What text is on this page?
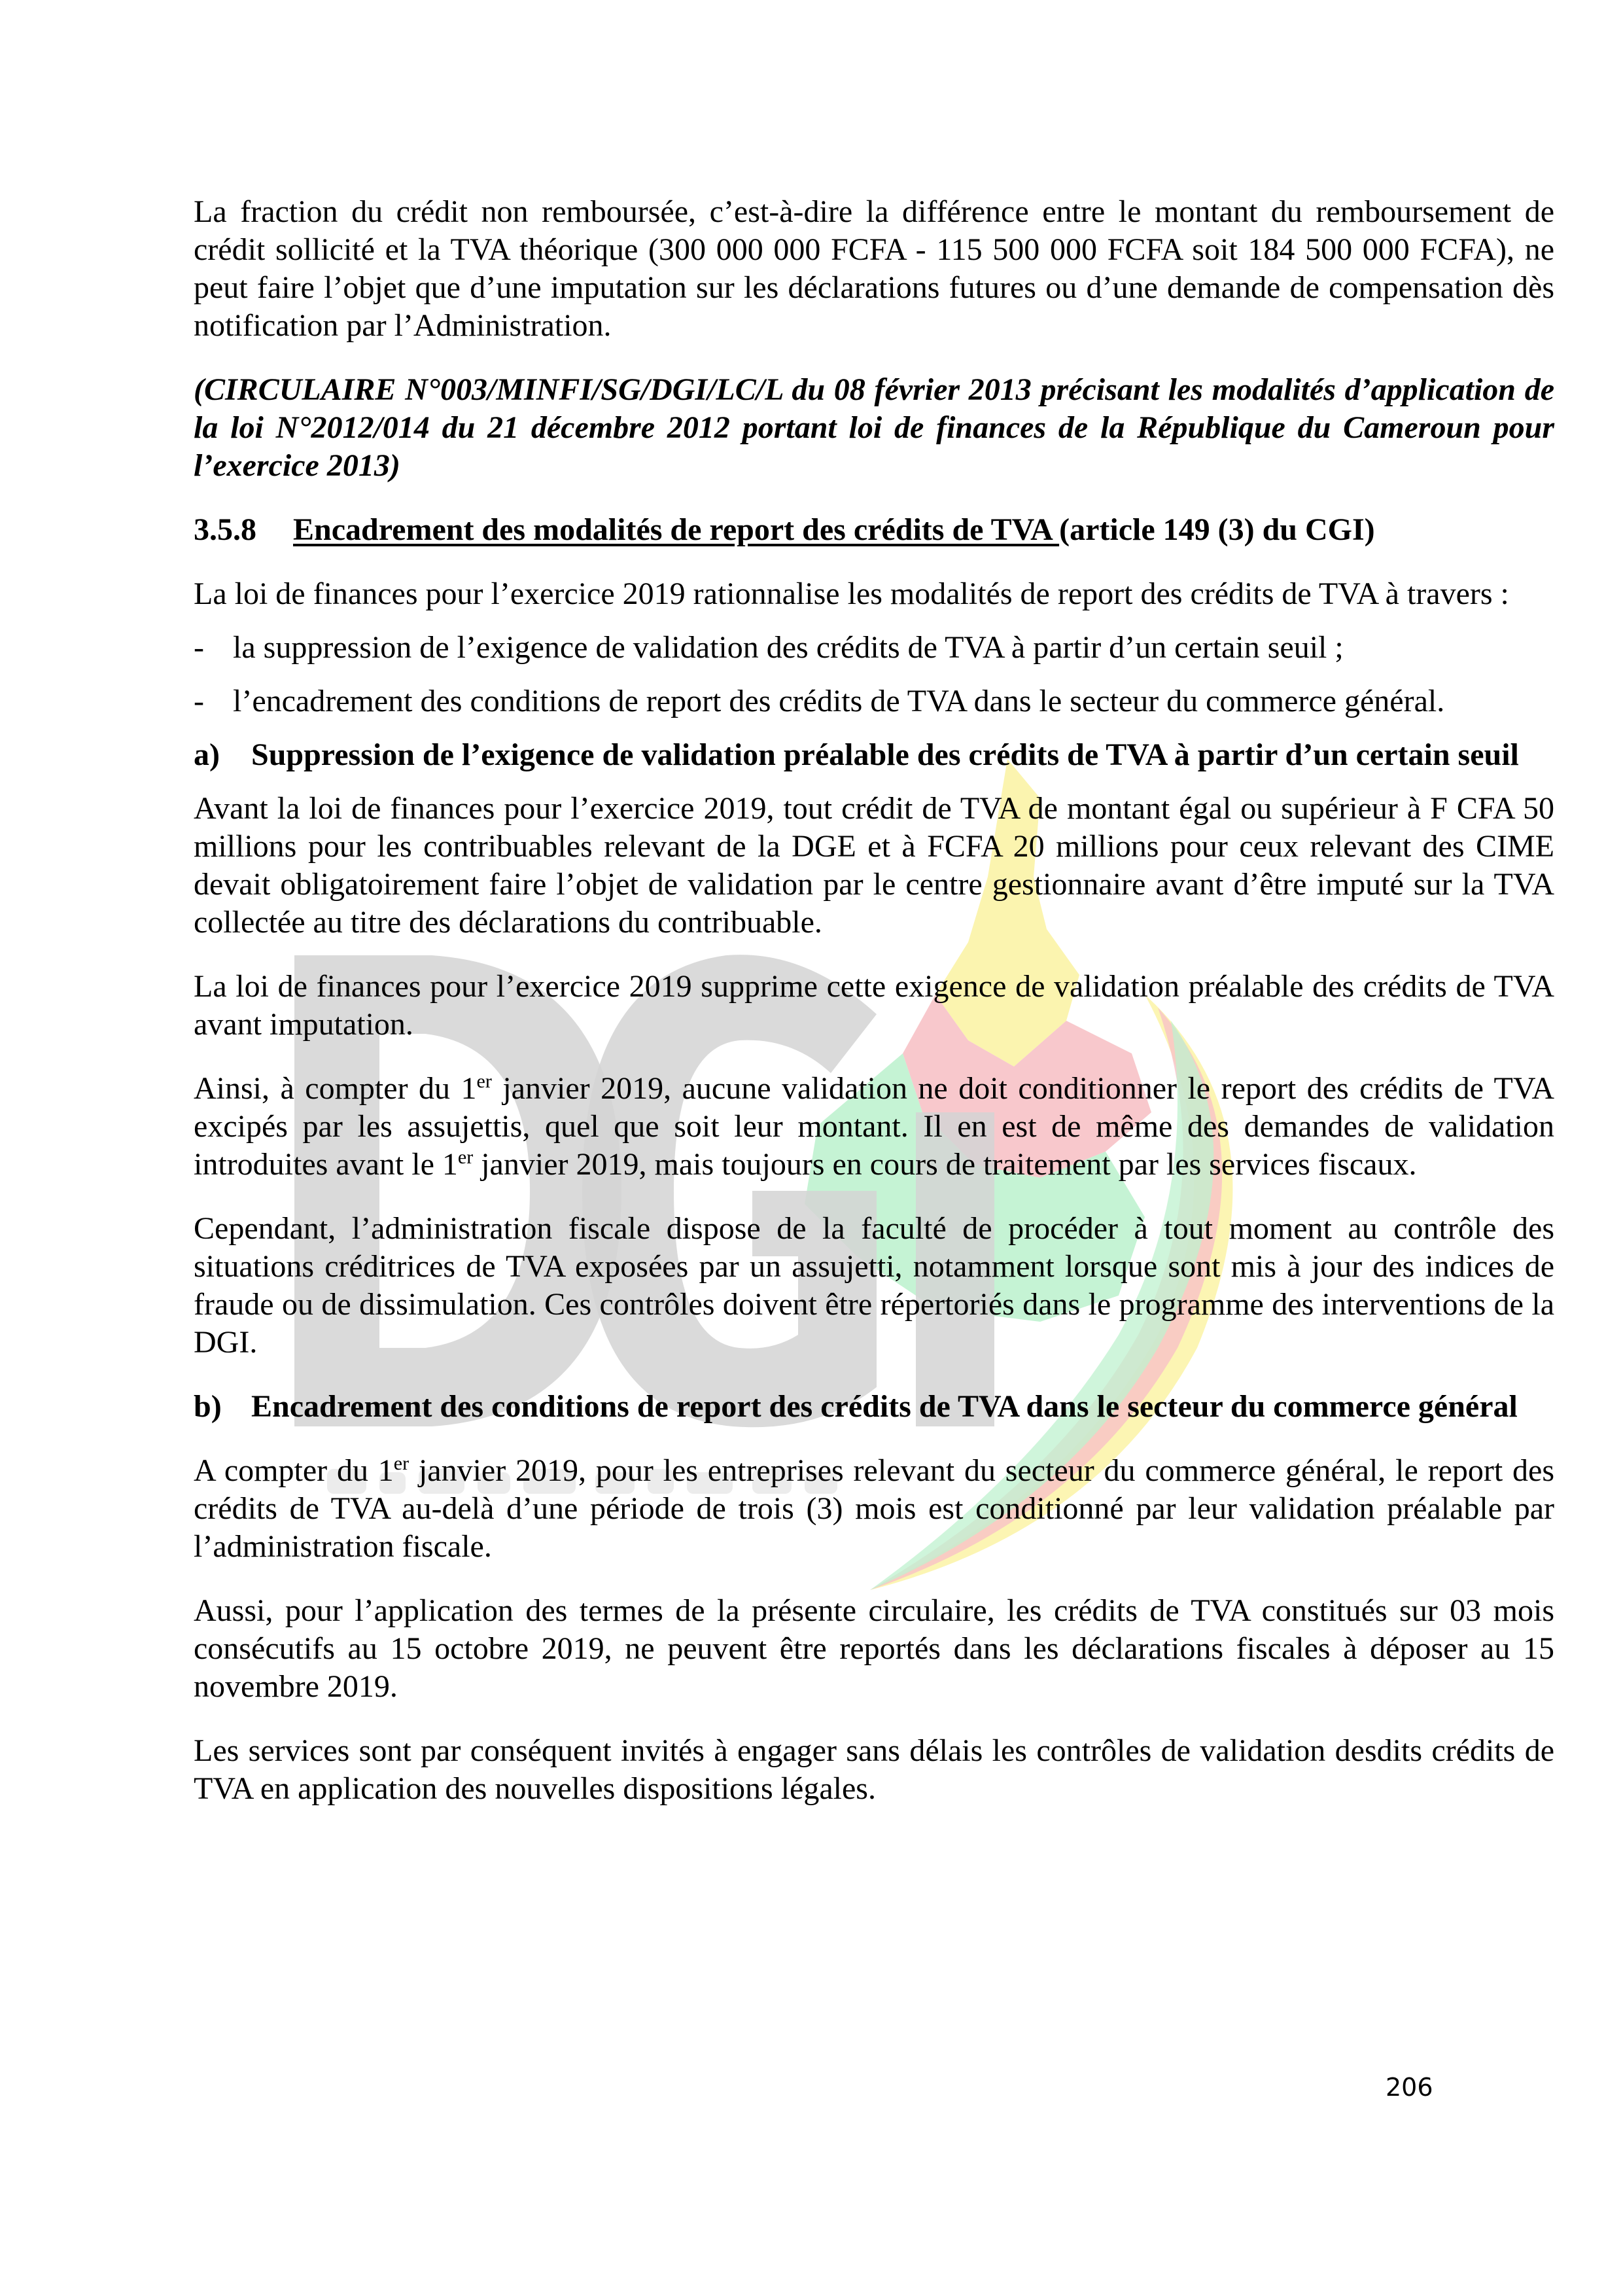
La fraction du crédit non remboursée, c’est-à-dire la différence entre le montant du remboursement de crédit sollicité et la TVA théorique (300 000 000 FCFA - 115 500 000 FCFA soit 184 500 000 FCFA), ne peut faire l’objet que d’une imputation sur les déclarations futures ou d’une demande de compensation dès notification par l’Administration.

(CIRCULAIRE N°003/MINFI/SG/DGI/LC/L du 08 février 2013 précisant les modalités d’application de la loi N°2012/014 du 21 décembre 2012 portant loi de finances de la République du Cameroun pour l’exercice 2013)

3.5.8	Encadrement des modalités de report des crédits de TVA (article 149 (3) du CGI)

La loi de finances pour l’exercice 2019 rationnalise les modalités de report des crédits de TVA à travers :

- la suppression de l’exigence de validation des crédits de TVA à partir d’un certain seuil ;
- l’encadrement des conditions de report des crédits de TVA dans le secteur du commerce général.
a)	Suppression de l’exigence de validation préalable des crédits de TVA à partir d’un certain seuil

Avant la loi de finances pour l’exercice 2019, tout crédit de TVA de montant égal ou supérieur à F CFA 50 millions pour les contribuables relevant de la DGE et à FCFA 20 millions pour ceux relevant des CIME devait obligatoirement faire l’objet de validation par le centre gestionnaire avant d’être imputé sur la TVA collectée au titre des déclarations du contribuable.

La loi de finances pour l’exercice 2019 supprime cette exigence de validation préalable des crédits de TVA avant imputation.

Ainsi, à compter du 1er janvier 2019, aucune validation ne doit conditionner le report des crédits de TVA excipés par les assujettis, quel que soit leur montant. Il en est de même des demandes de validation introduites avant le 1er janvier 2019, mais toujours en cours de traitement par les services fiscaux.

Cependant, l’administration fiscale dispose de la faculté de procéder à tout moment au contrôle des situations créditrices de TVA exposées par un assujetti, notamment lorsque sont mis à jour des indices de fraude ou de dissimulation. Ces contrôles doivent être répertoriés dans le programme des interventions de la DGI.

b) Encadrement des conditions de report des crédits de TVA dans le secteur du commerce général

A compter du 1er janvier 2019, pour les entreprises relevant du secteur du commerce général, le report des crédits de TVA au-delà d’une période de trois (3) mois est conditionné par leur validation préalable par l’administration fiscale.

Aussi, pour l’application des termes de la présente circulaire, les crédits de TVA constitués sur 03 mois consécutifs au 15 octobre 2019, ne peuvent être reportés dans les déclarations fiscales à déposer au 15 novembre 2019.

Les services sont par conséquent invités à engager sans délais les contrôles de validation desdits crédits de TVA en application des nouvelles dispositions légales.

206
